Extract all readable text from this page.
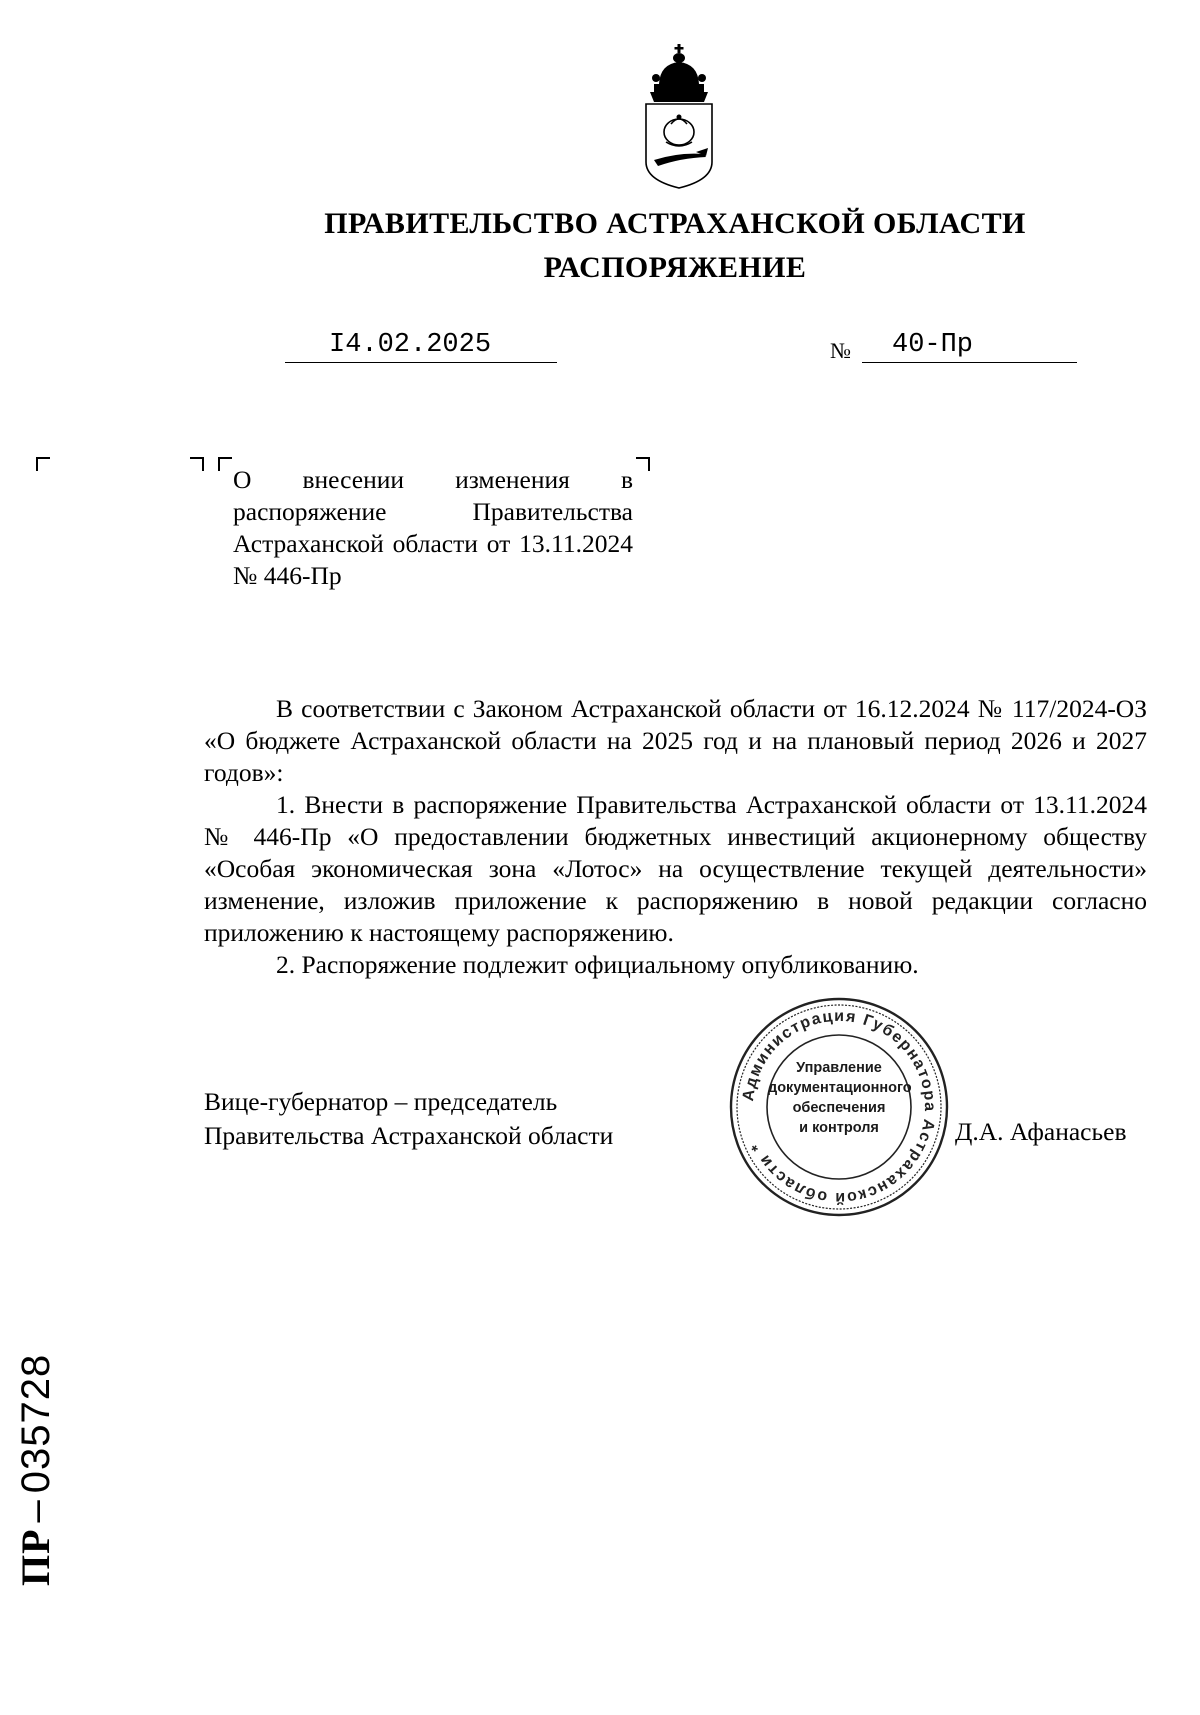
ПРАВИТЕЛЬСТВО АСТРАХАНСКОЙ ОБЛАСТИ
РАСПОРЯЖЕНИЕ
I4.02.2025	№ 40-Пр
О внесении изменения в распоряжение Правительства Астраханской области от 13.11.2024 № 446-Пр

В соответствии с Законом Астраханской области от 16.12.2024 № 117/2024-ОЗ «О бюджете Астраханской области на 2025 год и на плановый период 2026 и 2027 годов»:

1. Внести в распоряжение Правительства Астраханской области от 13.11.2024 № 446-Пр «О предоставлении бюджетных инвестиций акционерному обществу «Особая экономическая зона «Лотос» на осуществление текущей деятельности» изменение, изложив приложение к распоряжению в новой редакции согласно приложению к настоящему распоряжению.

2. Распоряжение подлежит официальному опубликованию.

Вице-губернатор – председатель
Правительства Астраханской области	Д.А. Афанасьев
Администрация Губернатора Астраханской области *
Управление
документационного
обеспечения
и контроля
ПР–035728
